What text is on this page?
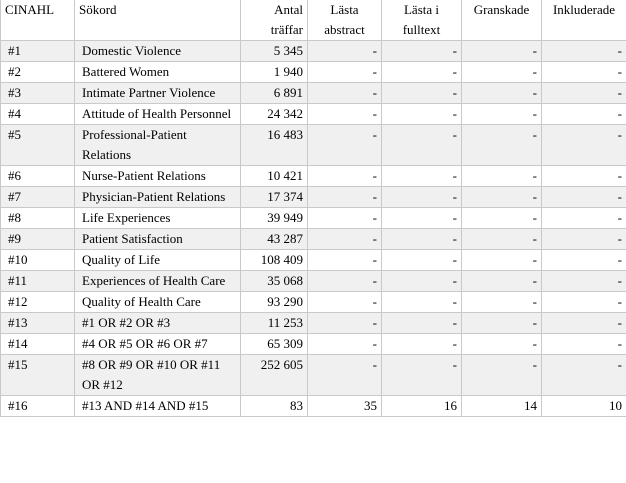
CINAHL	Sökord	Antal träffar	Lästa abstract	Lästa i fulltext	Granskade	Inkluderade
#1	Domestic Violence	5 345	-	-	-	-
#2	Battered Women	1 940	-	-	-	-
#3	Intimate Partner Violence	6 891	-	-	-	-
#4	Attitude of Health Personnel	24 342	-	-	-	-
#5	Professional-Patient Relations	16 483	-	-	-	-
#6	Nurse-Patient Relations	10 421	-	-	-	-
#7	Physician-Patient Relations	17 374	-	-	-	-
#8	Life Experiences	39 949	-	-	-	-
#9	Patient Satisfaction	43 287	-	-	-	-
#10	Quality of Life	108 409	-	-	-	-
#11	Experiences of Health Care	35 068	-	-	-	-
#12	Quality of Health Care	93 290	-	-	-	-
#13	#1 OR #2 OR #3	11 253	-	-	-	-
#14	#4 OR #5 OR #6 OR #7	65 309	-	-	-	-
#15	#8 OR #9 OR #10 OR #11 OR #12	252 605	-	-	-	-
#16	#13 AND #14 AND #15	83	35	16	14	10
